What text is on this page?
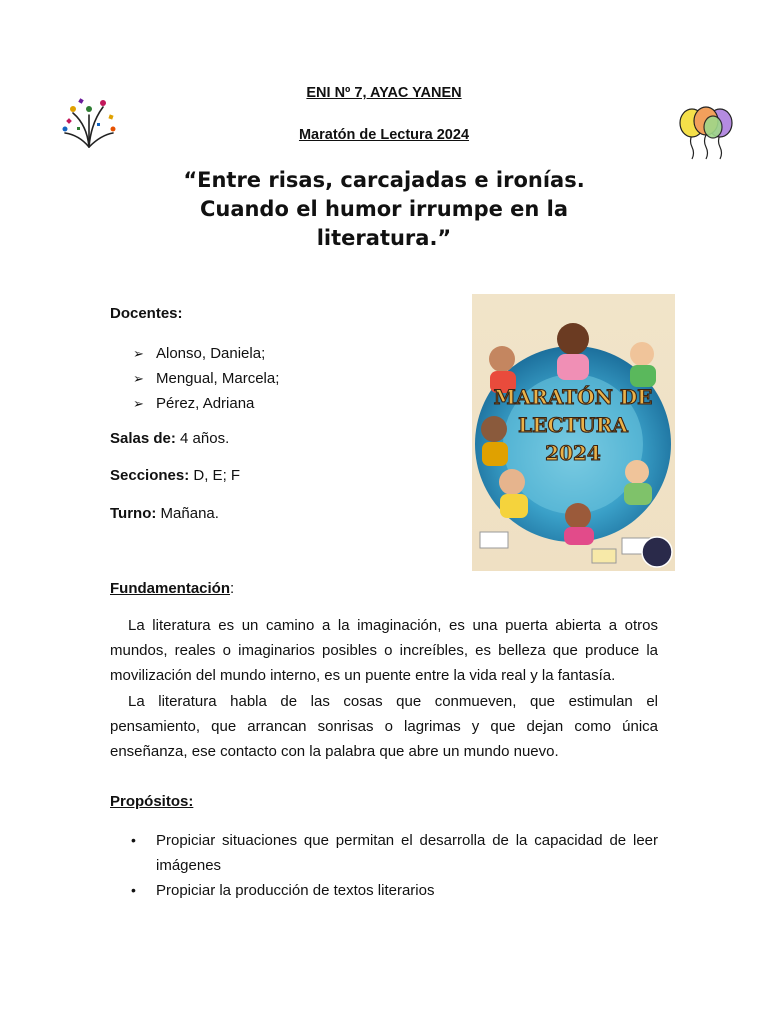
ENI Nº 7, AYAC YANEN
Maratón de Lectura 2024
“Entre risas, carcajadas e ironías.
Cuando el humor irrumpe en la
literatura.”
Docentes:
➢ Alonso, Daniela;
➢ Mengual, Marcela;
➢ Pérez, Adriana
Salas de: 4 años.
Secciones: D, E; F
Turno: Mañana.
MARATÓN DE
LECTURA
2024
Fundamentación:

La literatura es un camino a la imaginación, es una puerta abierta a otros mundos, reales o imaginarios posibles o increíbles, es belleza que produce la movilización del mundo interno, es un puente entre la vida real y la fantasía.

La literatura habla de las cosas que conmueven, que estimulan el pensamiento, que arrancan sonrisas o lagrimas y que dejan como única enseñanza, ese contacto con la palabra que abre un mundo nuevo.

Propósitos:
•	Propiciar situaciones que permitan el desarrolla de la capacidad de leer imágenes
•	Propiciar la producción de textos literarios
